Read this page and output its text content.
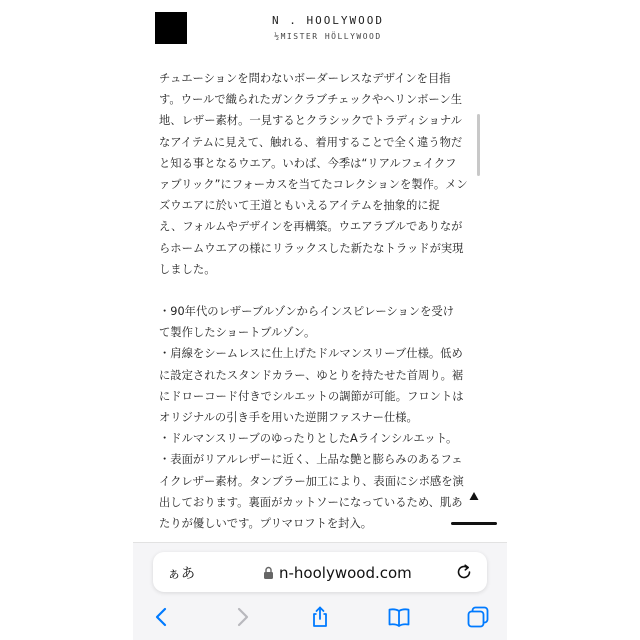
N . HOOLYWOOD
½MISTER HÖLLYWOOD
チュエーションを問わないボーダーレスなデザインを目指
す。ウールで織られたガンクラブチェックやヘリンボーン生
地、レザー素材。一見するとクラシックでトラディショナル
なアイテムに見えて、触れる、着用することで全く違う物だ
と知る事となるウエア。いわば、今季は“リアルフェイクフ
ァブリック”にフォーカスを当てたコレクションを製作。メン
ズウエアに於いて王道ともいえるアイテムを抽象的に捉
え、フォルムやデザインを再構築。ウエアラブルでありなが
らホームウエアの様にリラックスした新たなトラッドが実現
しました。
・90年代のレザーブルゾンからインスピレーションを受け
て製作したショートブルゾン。
・肩線をシームレスに仕上げたドルマンスリーブ仕様。低め
に設定されたスタンドカラー、ゆとりを持たせた首周り。裾
にドローコード付きでシルエットの調節が可能。フロントは
オリジナルの引き手を用いた逆開ファスナー仕様。
・ドルマンスリーブのゆったりとしたAラインシルエット。
・表面がリアルレザーに近く、上品な艶と膨らみのあるフェ
イクレザー素材。タンブラー加工により、表面にシボ感を演
出しております。裏面がカットソーになっているため、肌あ
たりが優しいです。プリマロフトを封入。
ぁあ	n-hoolywood.com
